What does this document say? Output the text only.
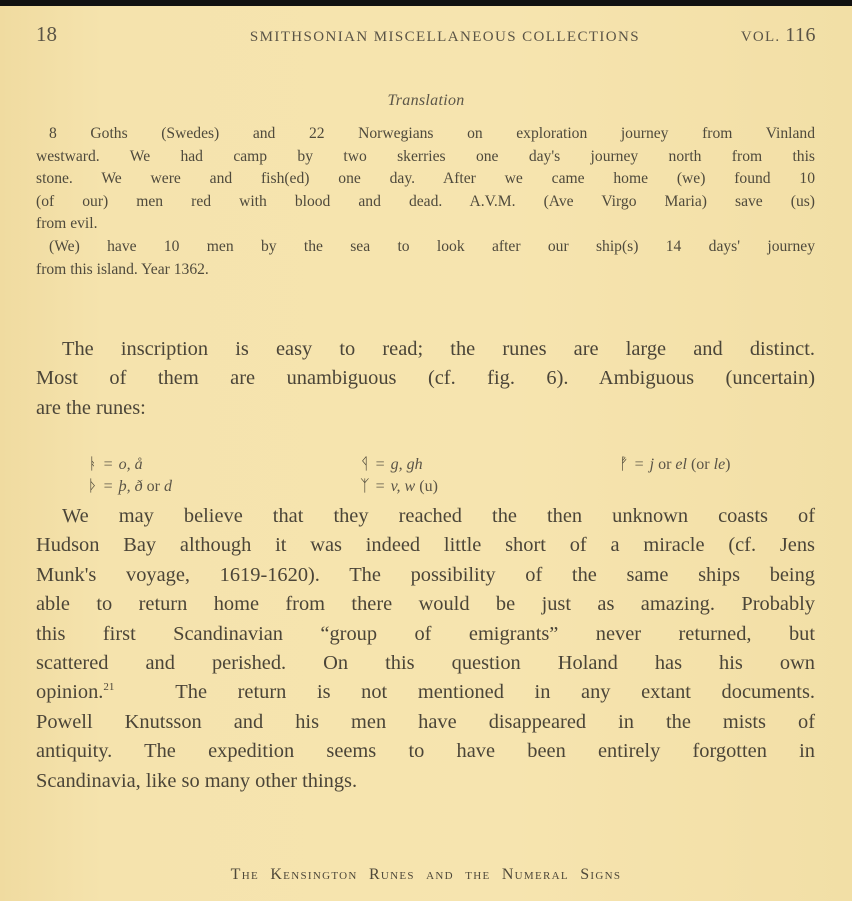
18	SMITHSONIAN MISCELLANEOUS COLLECTIONS	VOL. 116
Translation
8 Goths (Swedes) and 22 Norwegians on exploration journey from Vinland
westward. We had camp by two skerries one day's journey north from this
stone. We were and fish(ed) one day. After we came home (we) found 10
(of our) men red with blood and dead. A.V.M. (Ave Virgo Maria) save (us)
from evil.
(We) have 10 men by the sea to look after our ship(s) 14 days' journey
from this island. Year 1362.
The inscription is easy to read; the runes are large and distinct.
Most of them are unambiguous (cf. fig. 6). Ambiguous (uncertain)
are the runes:
ᚭ = o, å	ᛩ = g, gh	ᚡ = j or el (or le)
ᚦ = þ, ð or d	ᛉ = v, w (u)
We may believe that they reached the then unknown coasts of
Hudson Bay although it was indeed little short of a miracle (cf. Jens
Munk's voyage, 1619-1620). The possibility of the same ships being
able to return home from there would be just as amazing. Probably
this first Scandinavian “group of emigrants” never returned, but
scattered and perished. On this question Holand has his own
opinion.$^{21}$	The return is not mentioned in any extant documents.
Powell Knutsson and his men have disappeared in the mists of
antiquity. The expedition seems to have been entirely forgotten in
Scandinavia, like so many other things.
The Kensington Runes and the Numeral Signs
